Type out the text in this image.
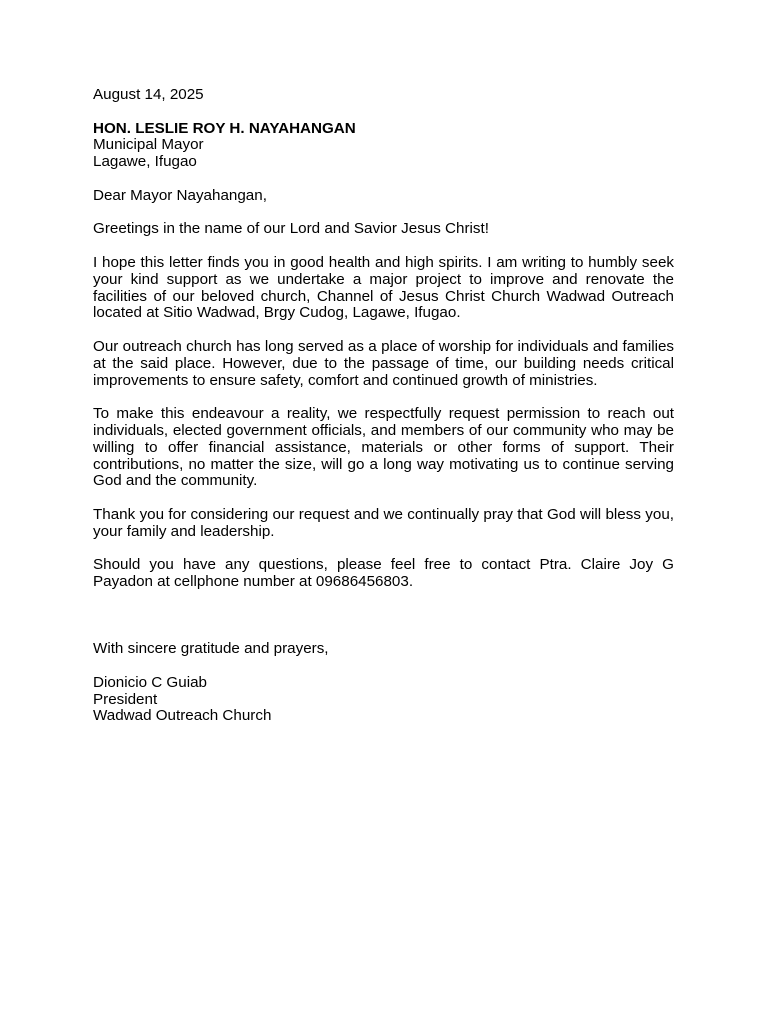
August 14, 2025
HON. LESLIE ROY H. NAYAHANGAN
Municipal Mayor
Lagawe, Ifugao
Dear Mayor Nayahangan,
Greetings in the name of our Lord and Savior Jesus Christ!

I hope this letter finds you in good health and high spirits. I am writing to humbly seek your kind support as we undertake a major project to improve and renovate the facilities of our beloved church, Channel of Jesus Christ Church Wadwad Outreach located at Sitio Wadwad, Brgy Cudog, Lagawe, Ifugao.

Our outreach church has long served as a place of worship for individuals and families at the said place. However, due to the passage of time, our building needs critical improvements to ensure safety, comfort and continued growth of ministries.

To make this endeavour a reality, we respectfully request permission to reach out individuals, elected government officials, and members of our community who may be willing to offer financial assistance, materials or other forms of support. Their contributions, no matter the size, will go a long way motivating us to continue serving God and the community.

Thank you for considering our request and we continually pray that God will bless you, your family and leadership.

Should you have any questions, please feel free to contact Ptra. Claire Joy G Payadon at cellphone number at 09686456803.

With sincere gratitude and prayers,
Dionicio C Guiab
President
Wadwad Outreach Church
